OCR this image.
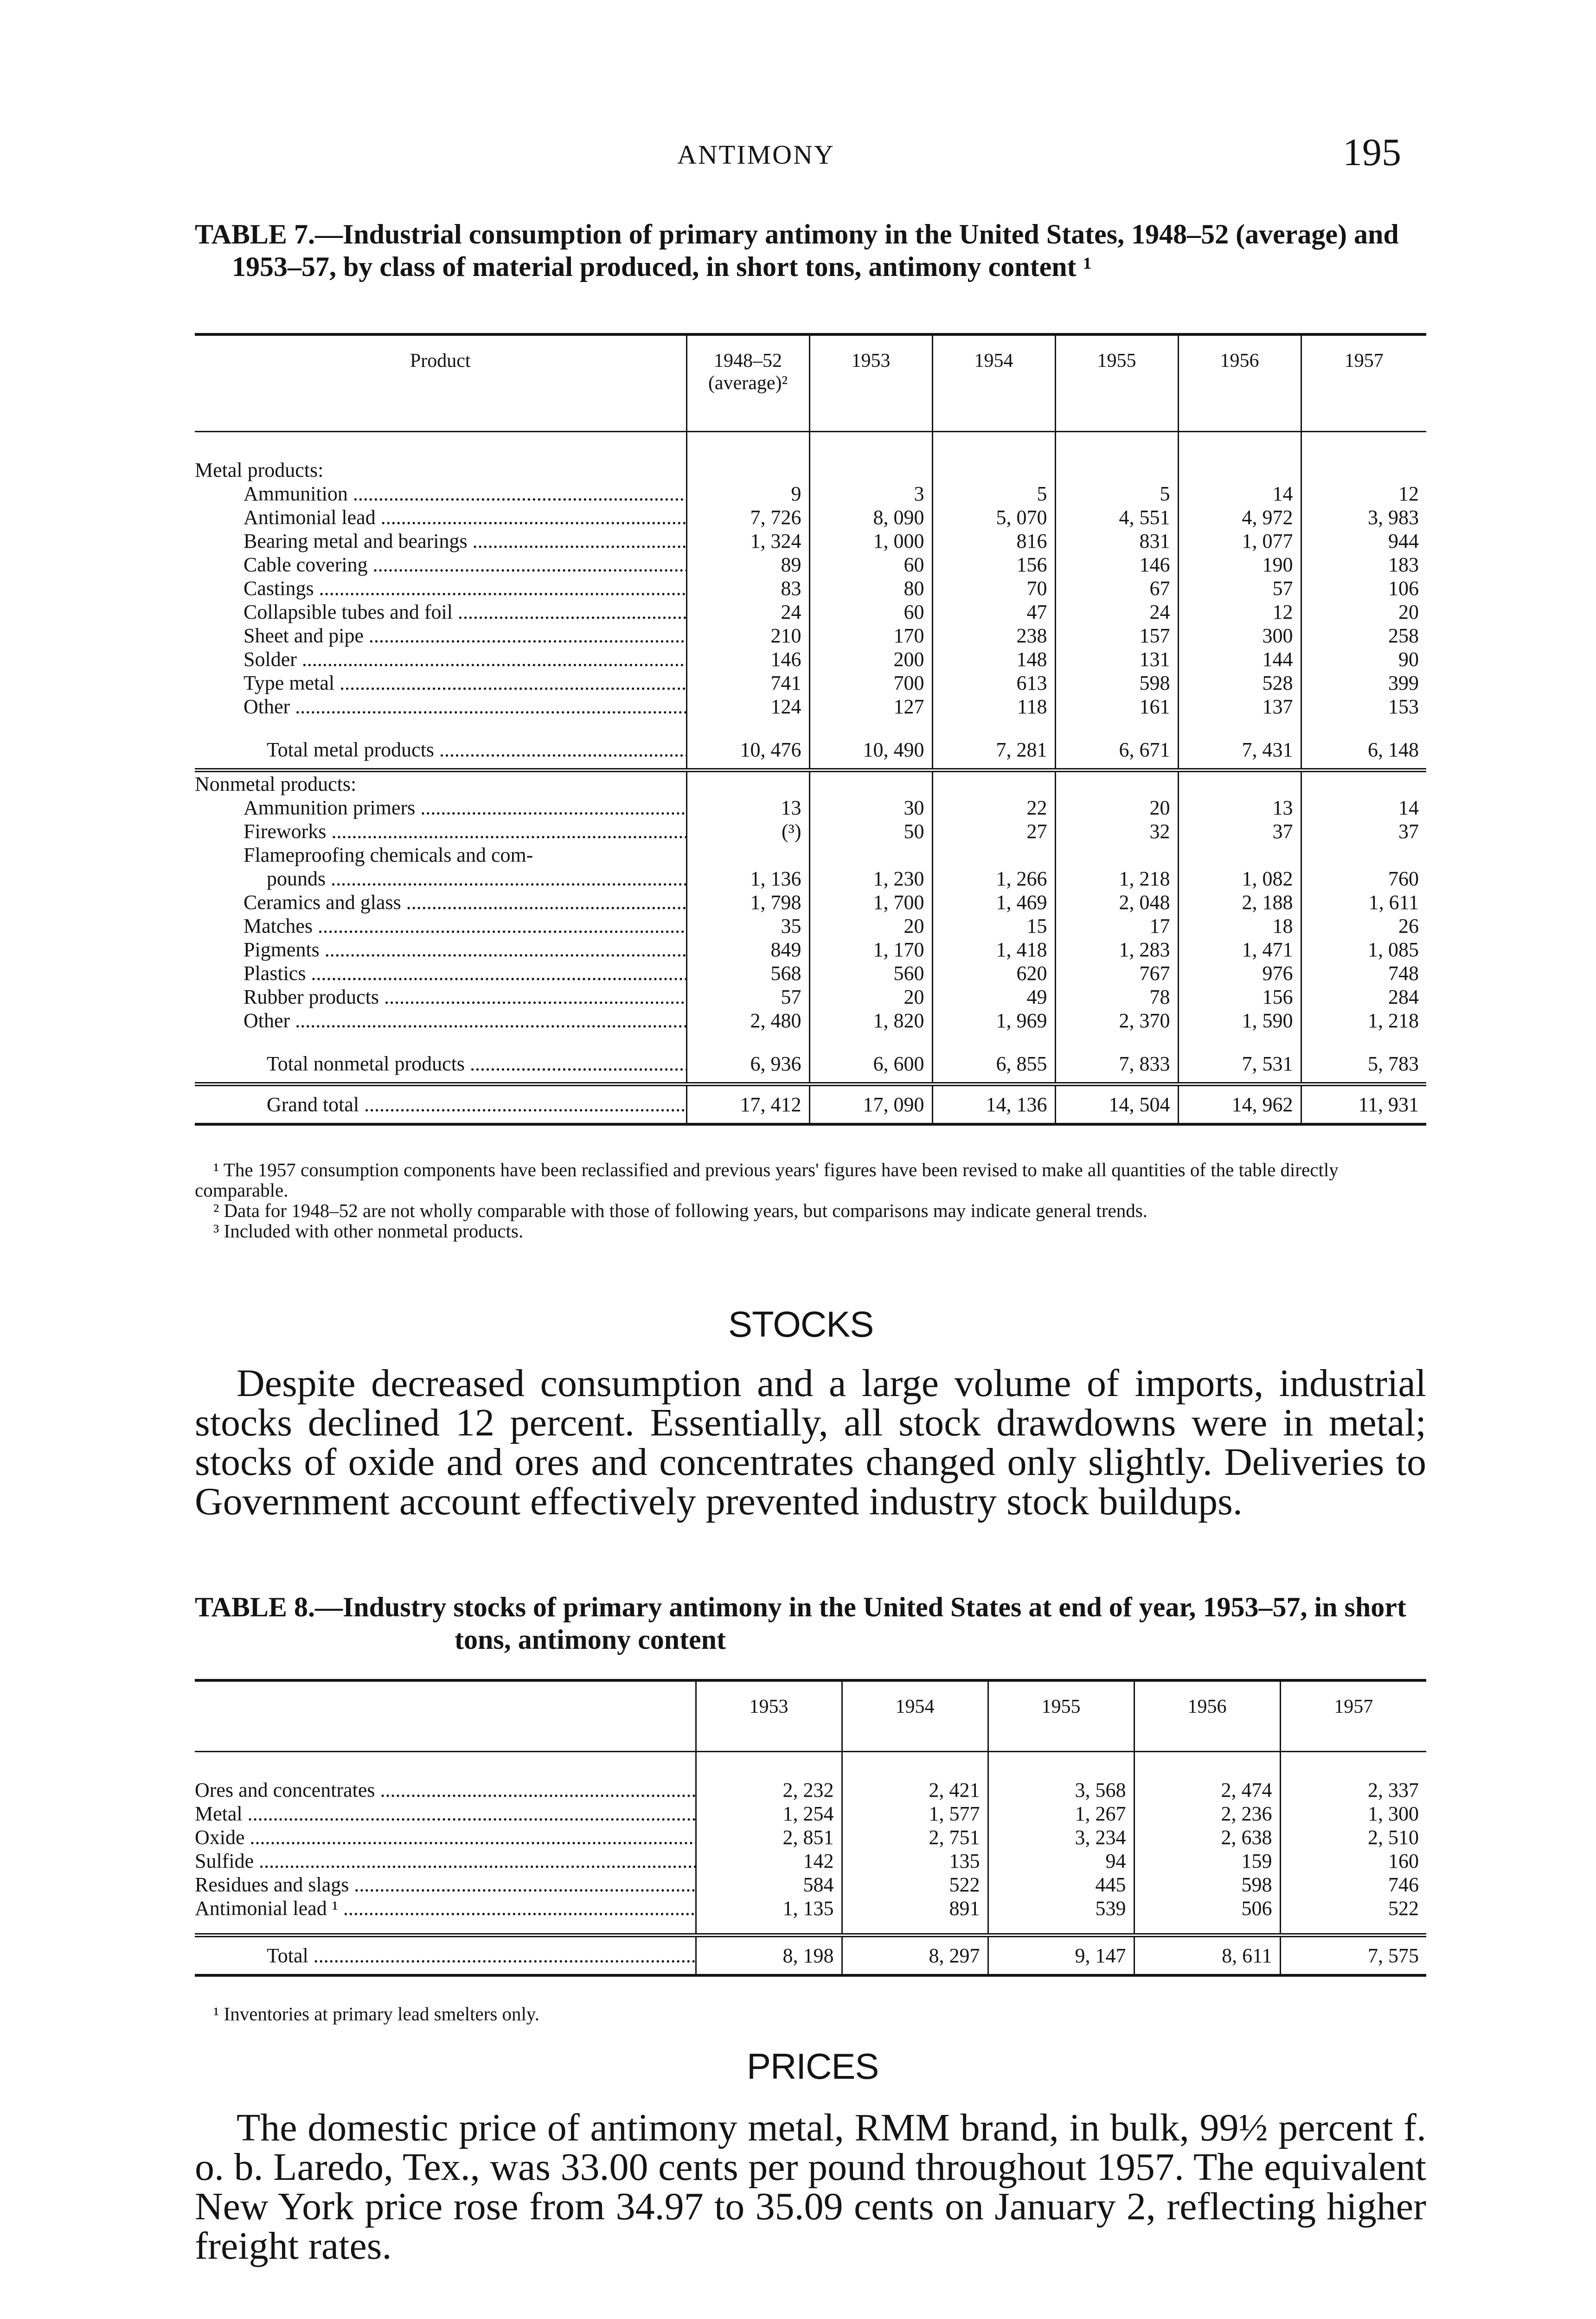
ANTIMONY	195
TABLE 7.—Industrial consumption of primary antimony in the United States, 1948–52 (average) and 1953–57, by class of material produced, in short tons, antimony content ¹
Product	1948–52 (average)²	1953	1954	1955	1956	1957

Metal products:						
Ammunition .....	9	3	5	5	14	12
Antimonial lead .....	7, 726	8, 090	5, 070	4, 551	4, 972	3, 983
Bearing metal and bearings .....	1, 324	1, 000	816	831	1, 077	944
Cable covering .....	89	60	156	146	190	183
Castings .....	83	80	70	67	57	106
Collapsible tubes and foil .....	24	60	47	24	12	20
Sheet and pipe .....	210	170	238	157	300	258
Solder .....	146	200	148	131	144	90
Type metal .....	741	700	613	598	528	399
Other .....	124	127	118	161	137	153

Total metal products .....	10, 476	10, 490	7, 281	6, 671	7, 431	6, 148
Nonmetal products:						
Ammunition primers .....	13	30	22	20	13	14
Fireworks .....	(³)	50	27	32	37	37
Flameproofing chemicals and com-						
pounds .....	1, 136	1, 230	1, 266	1, 218	1, 082	760
Ceramics and glass .....	1, 798	1, 700	1, 469	2, 048	2, 188	1, 611
Matches .....	35	20	15	17	18	26
Pigments .....	849	1, 170	1, 418	1, 283	1, 471	1, 085
Plastics .....	568	560	620	767	976	748
Rubber products .....	57	20	49	78	156	284
Other .....	2, 480	1, 820	1, 969	2, 370	1, 590	1, 218

Total nonmetal products .....	6, 936	6, 600	6, 855	7, 833	7, 531	5, 783
Grand total .....	17, 412	17, 090	14, 136	14, 504	14, 962	11, 931

¹ The 1957 consumption components have been reclassified and previous years' figures have been revised to make all quantities of the table directly comparable.

² Data for 1948–52 are not wholly comparable with those of following years, but comparisons may indicate general trends.

³ Included with other nonmetal products.

STOCKS

Despite decreased consumption and a large volume of imports, industrial stocks declined 12 percent. Essentially, all stock drawdowns were in metal; stocks of oxide and ores and concentrates changed only slightly. Deliveries to Government account effectively prevented industry stock buildups.

TABLE 8.—Industry stocks of primary antimony in the United States at end of year, 1953–57, in short tons, antimony content
	1953	1954	1955	1956	1957

Ores and concentrates .....	2, 232	2, 421	3, 568	2, 474	2, 337
Metal .....	1, 254	1, 577	1, 267	2, 236	1, 300
Oxide .....	2, 851	2, 751	3, 234	2, 638	2, 510
Sulfide .....	142	135	94	159	160
Residues and slags .....	584	522	445	598	746
Antimonial lead ¹ .....	1, 135	891	539	506	522

Total .....	8, 198	8, 297	9, 147	8, 611	7, 575

¹ Inventories at primary lead smelters only.

PRICES

The domestic price of antimony metal, RMM brand, in bulk, 99½ percent f. o. b. Laredo, Tex., was 33.00 cents per pound throughout 1957. The equivalent New York price rose from 34.97 to 35.09 cents on January 2, reflecting higher freight rates.
